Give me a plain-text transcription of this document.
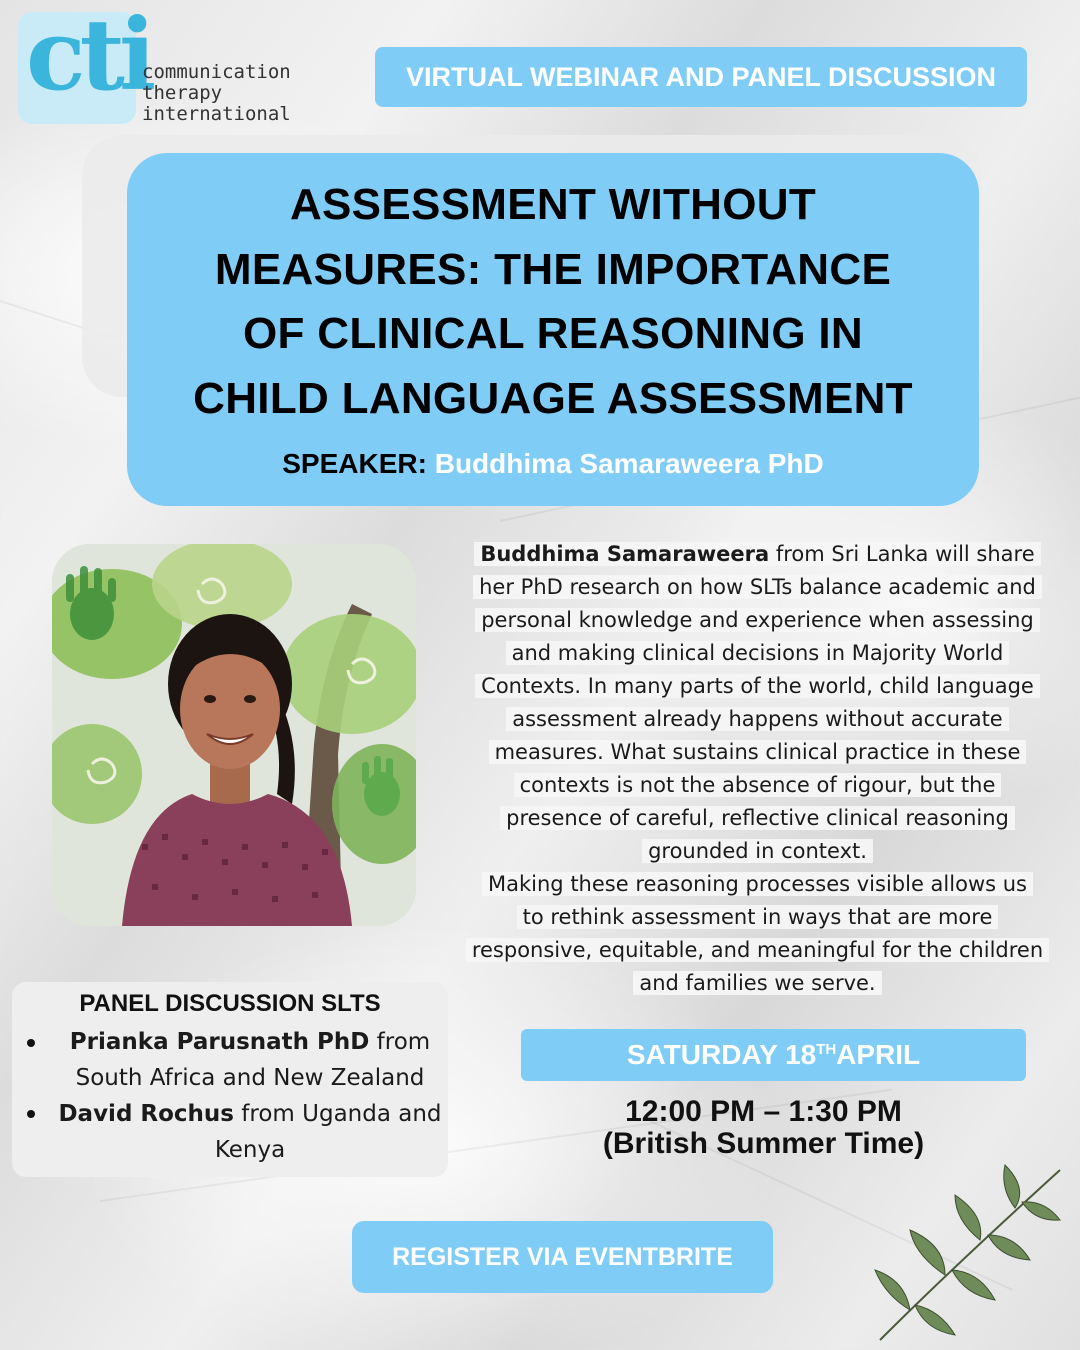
cti
communication
therapy
international
VIRTUAL WEBINAR AND PANEL DISCUSSION
ASSESSMENT WITHOUT
MEASURES: THE IMPORTANCE
OF CLINICAL REASONING IN
CHILD LANGUAGE ASSESSMENT
SPEAKER: Buddhima Samaraweera PhD
Buddhima Samaraweera from Sri Lanka will share
her PhD research on how SLTs balance academic and
personal knowledge and experience when assessing
and making clinical decisions in Majority World
Contexts. In many parts of the world, child language
assessment already happens without accurate
measures. What sustains clinical practice in these
contexts is not the absence of rigour, but the
presence of careful, reflective clinical reasoning
grounded in context.
Making these reasoning processes visible allows us
to rethink assessment in ways that are more
responsive, equitable, and meaningful for the children
and families we serve.
PANEL DISCUSSION SLTS
Prianka Parusnath PhD from
South Africa and New Zealand
David Rochus from Uganda and
Kenya
SATURDAY 18TH APRIL
12:00 PM – 1:30 PM
(British Summer Time)
REGISTER VIA EVENTBRITE
